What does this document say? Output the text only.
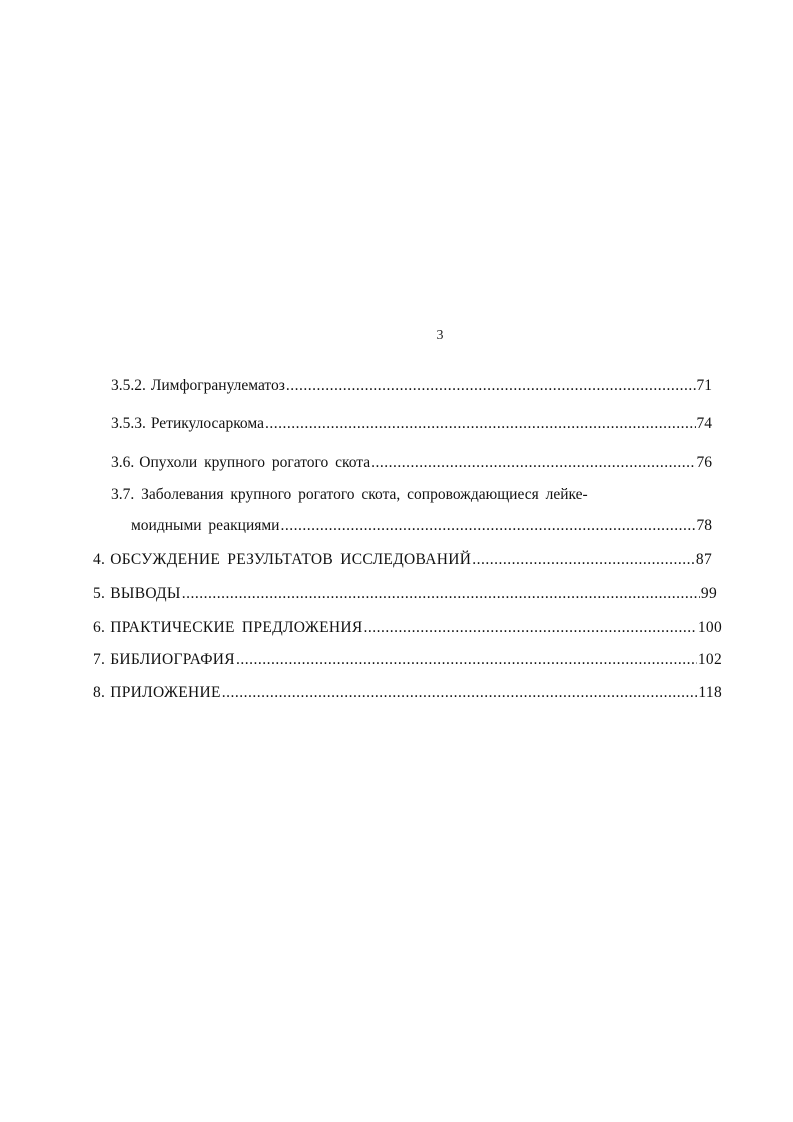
3
3.5.2. Лимфогранулематоз .....	71
3.5.3. Ретикулосаркома .....	74
3.6. Опухоли крупного рогатого скота .....	76
3.7. Заболевания крупного рогатого скота, сопровождающиеся лейке-
моидными реакциями .....	78
4. ОБСУЖДЕНИЕ РЕЗУЛЬТАТОВ ИССЛЕДОВАНИЙ .....	87
5. ВЫВОДЫ .....	99
6. ПРАКТИЧЕСКИЕ ПРЕДЛОЖЕНИЯ .....	100
7. БИБЛИОГРАФИЯ .....	102
8. ПРИЛОЖЕНИЕ .....	118
